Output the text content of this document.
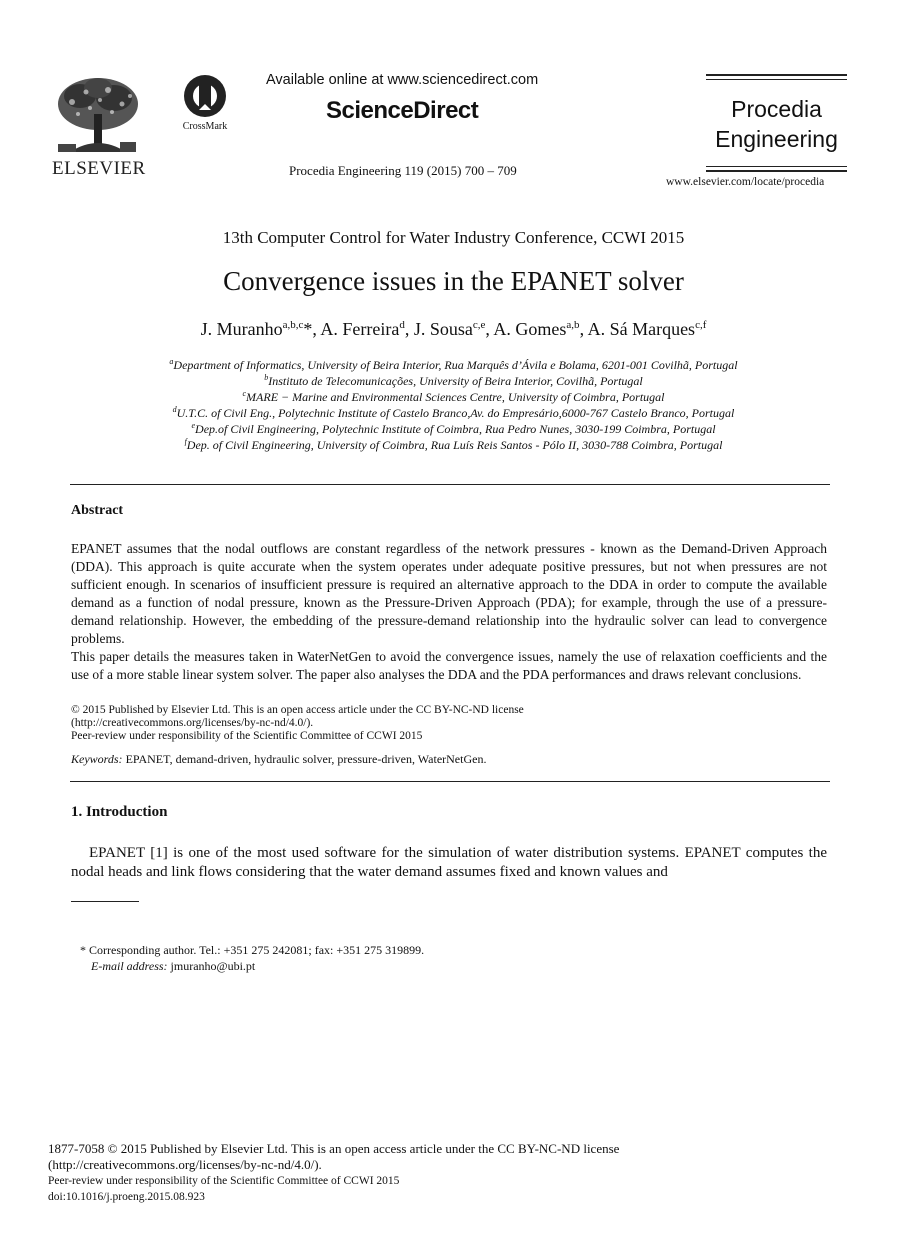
ELSEVIER
CrossMark
Available online at www.sciencedirect.com
ScienceDirect
Procedia Engineering 119 (2015) 700 – 709
Procedia
Engineering
www.elsevier.com/locate/procedia
13th Computer Control for Water Industry Conference, CCWI 2015
Convergence issues in the EPANET solver
J. Muranho$^{a,b,c}$*, A. Ferreira$^d$, J. Sousa$^{c,e}$, A. Gomes$^{a,b}$, A. Sá Marques$^{c,f}$
$^a$Department of Informatics, University of Beira Interior, Rua Marquês d’Ávila e Bolama, 6201-001 Covilhã, Portugal
$^b$Instituto de Telecomunicações, University of Beira Interior, Covilhã, Portugal
$^c$MARE − Marine and Environmental Sciences Centre, University of Coimbra, Portugal
$^d$U.T.C. of Civil Eng., Polytechnic Institute of Castelo Branco,Av. do Empresário,6000-767 Castelo Branco, Portugal
$^e$Dep.of Civil Engineering, Polytechnic Institute of Coimbra, Rua Pedro Nunes, 3030-199 Coimbra, Portugal
$^f$Dep. of Civil Engineering, University of Coimbra, Rua Luís Reis Santos - Pólo II, 3030-788 Coimbra, Portugal
Abstract

EPANET assumes that the nodal outflows are constant regardless of the network pressures - known as the Demand-Driven Approach (DDA). This approach is quite accurate when the system operates under adequate positive pressures, but not when pressures are not sufficient enough. In scenarios of insufficient pressure is required an alternative approach to the DDA in order to compute the available demand as a function of nodal pressure, known as the Pressure-Driven Approach (PDA); for example, through the use of a pressure-demand relationship. However, the embedding of the pressure-demand relationship into the hydraulic solver can lead to convergence problems.

This paper details the measures taken in WaterNetGen to avoid the convergence issues, namely the use of relaxation coefficients and the use of a more stable linear system solver. The paper also analyses the DDA and the PDA performances and draws relevant conclusions.

© 2015 Published by Elsevier Ltd. This is an open access article under the CC BY-NC-ND license
(http://creativecommons.org/licenses/by-nc-nd/4.0/).
Peer-review under responsibility of the Scientific Committee of CCWI 2015
Keywords: EPANET, demand-driven, hydraulic solver, pressure-driven, WaterNetGen.
1. Introduction
EPANET [1] is one of the most used software for the simulation of water distribution systems. EPANET computes the nodal heads and link flows considering that the water demand assumes fixed and known values and
* Corresponding author. Tel.: +351 275 242081; fax: +351 275 319899.
E-mail address: jmuranho@ubi.pt
1877-7058 © 2015 Published by Elsevier Ltd. This is an open access article under the CC BY-NC-ND license
(http://creativecommons.org/licenses/by-nc-nd/4.0/).
Peer-review under responsibility of the Scientific Committee of CCWI 2015
doi:10.1016/j.proeng.2015.08.923
